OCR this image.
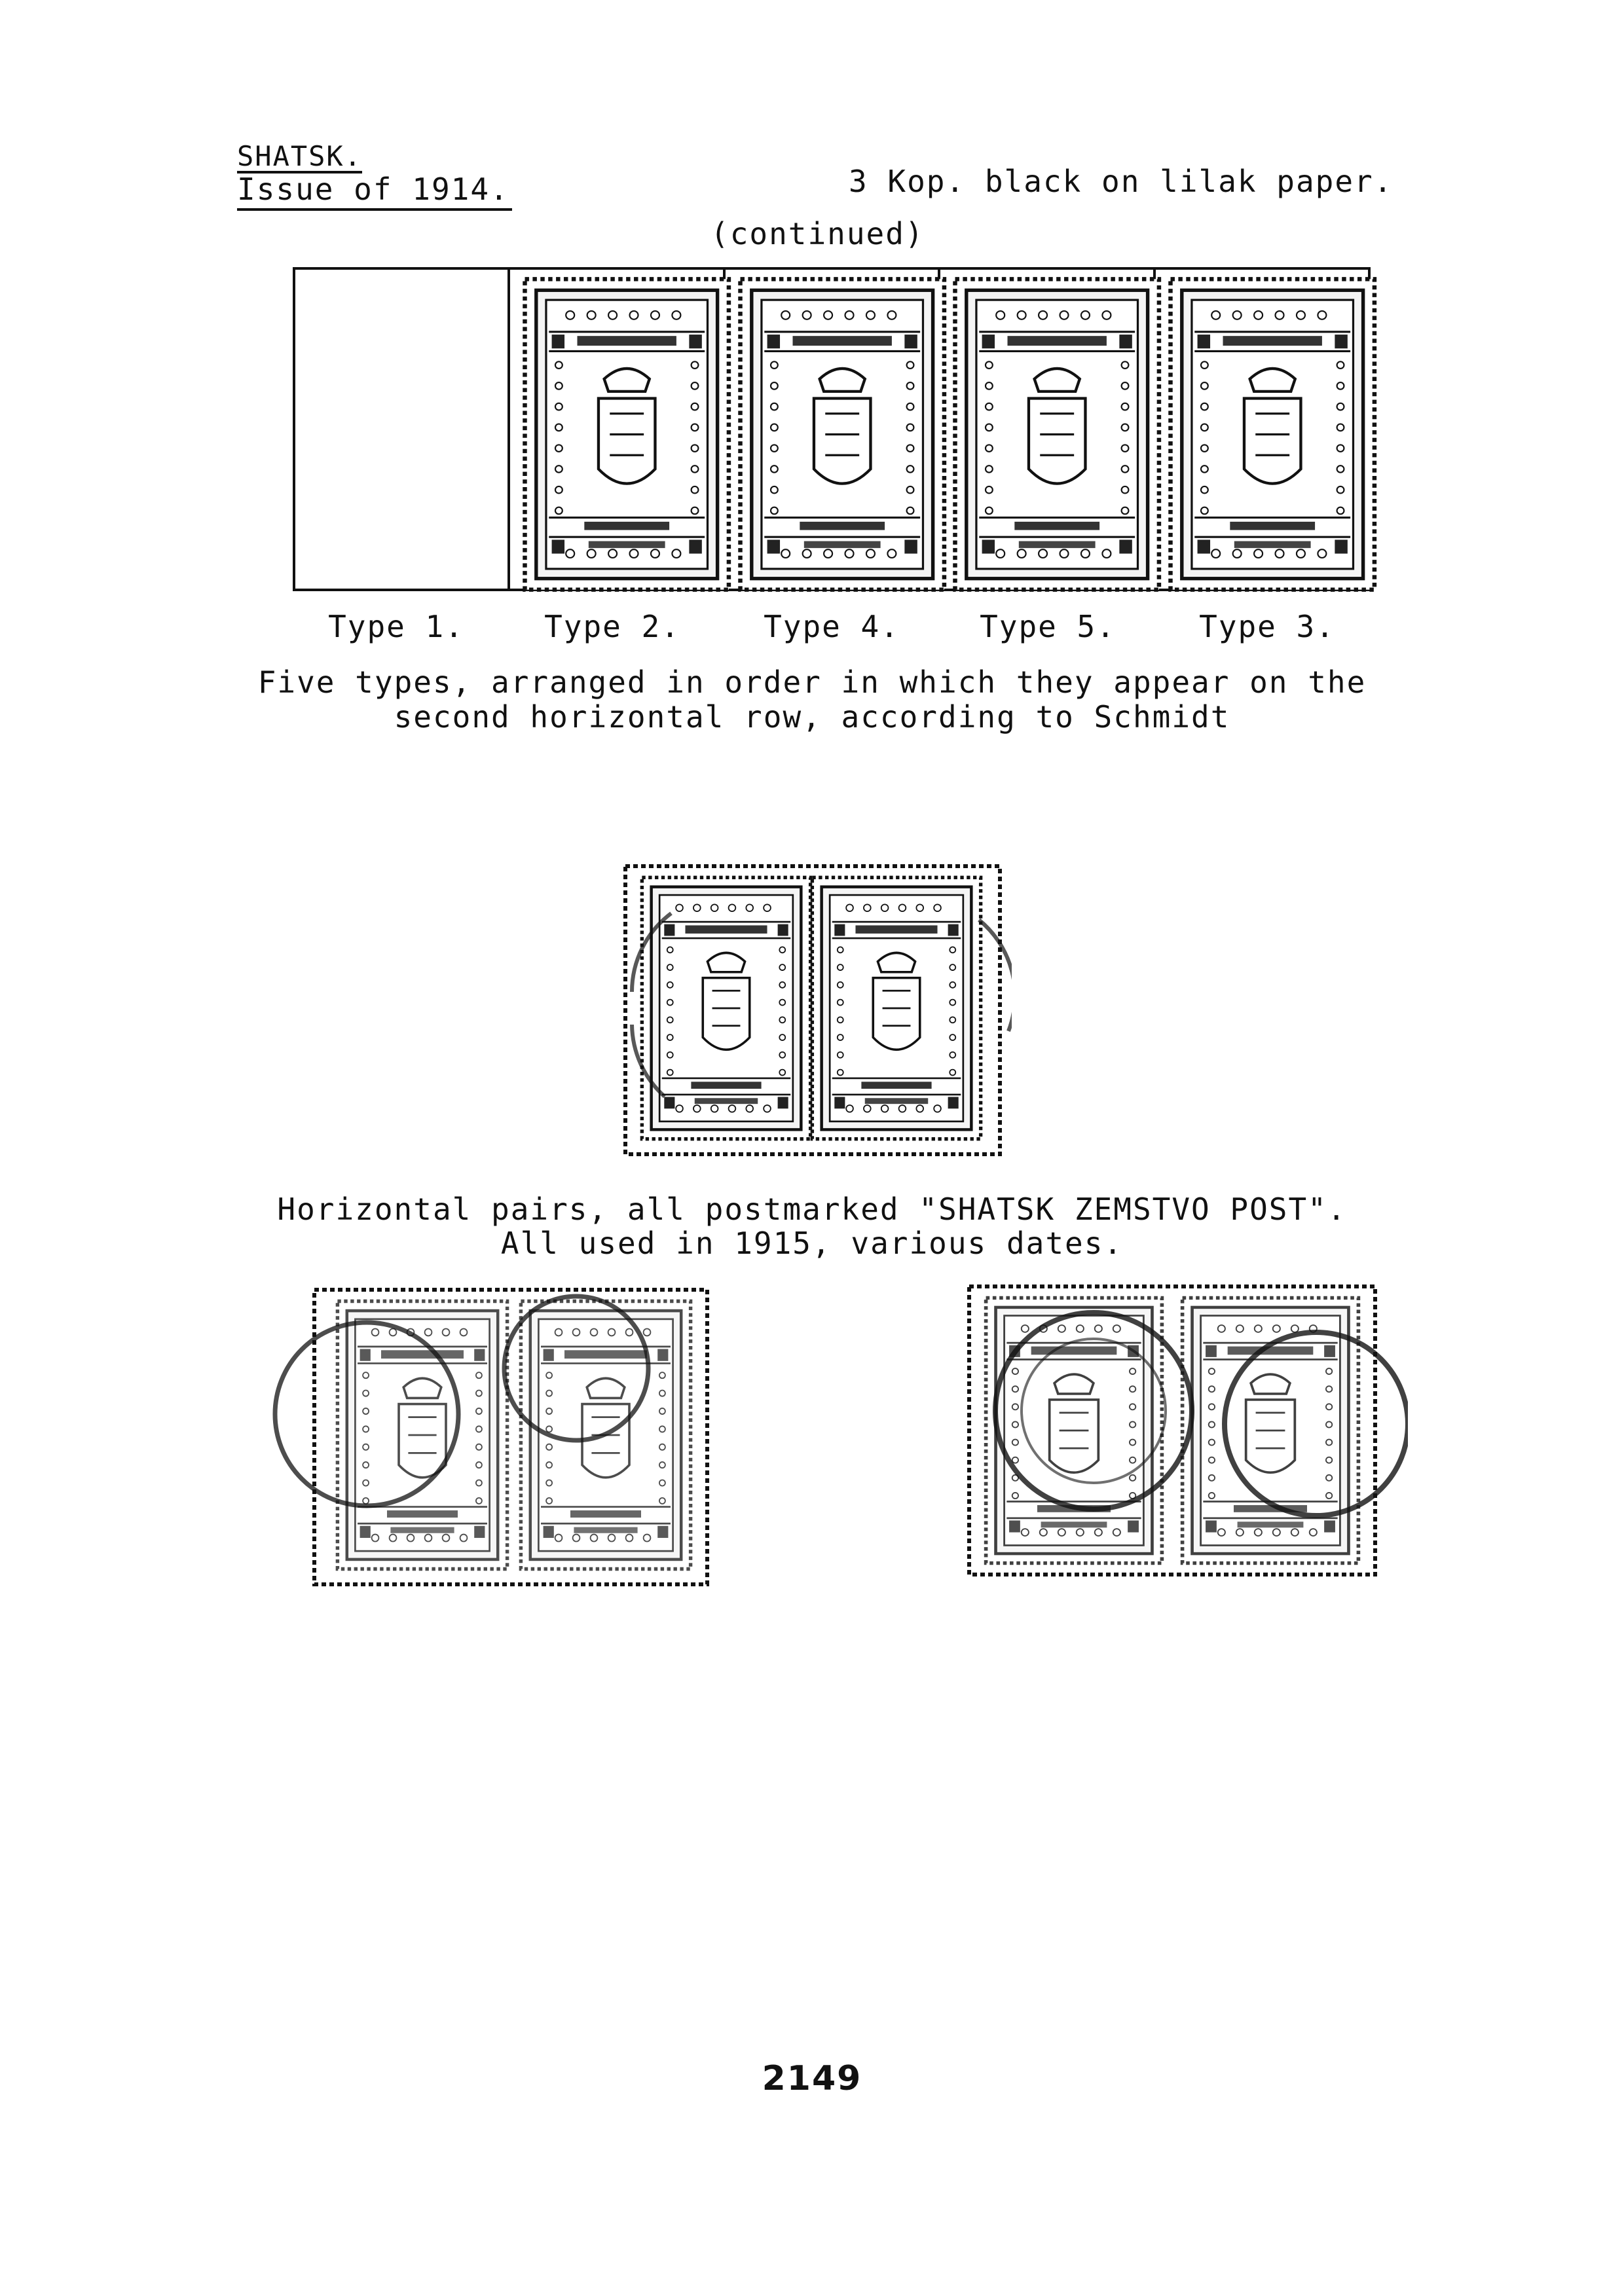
SHATSK.
Issue of 1914.	3 Kop. black on lilak paper.
(continued)
Type 1.	Type 2.	Type 4.	Type 5.	Type 3.
Five types, arranged in order in which they appear on the
second horizontal row, according to Schmidt
Horizontal pairs, all postmarked "SHATSK ZEMSTVO POST".
All used in 1915, various dates.
2149
